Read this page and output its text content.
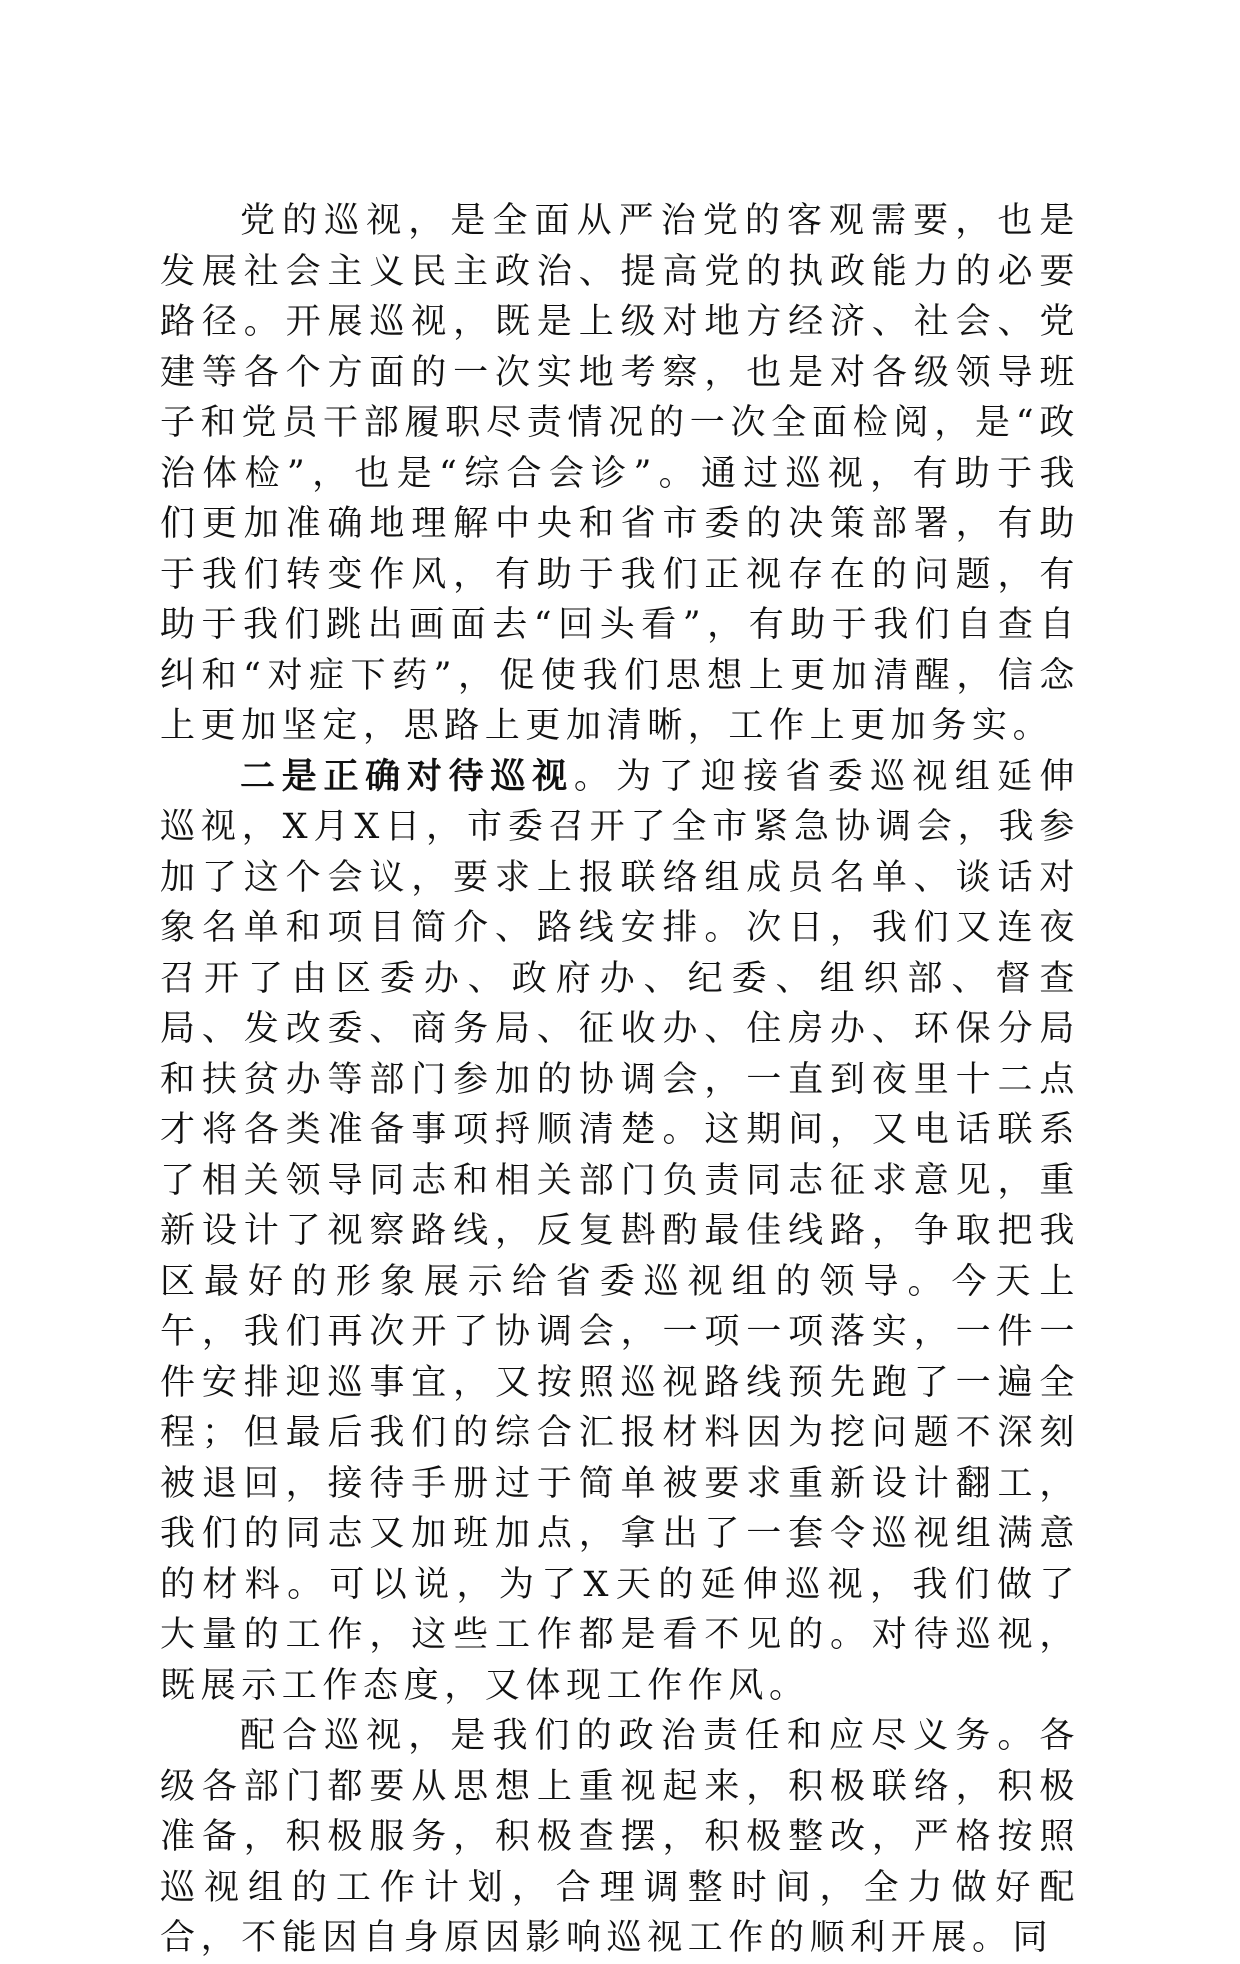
党的巡视，是全面从严治党的客观需要，也是发展社会主义民主政治、提高党的执政能力的必要路径。开展巡视，既是上级对地方经济、社会、党建等各个方面的一次实地考察，也是对各级领导班子和党员干部履职尽责情况的一次全面检阅，是“政治体检”，也是“综合会诊”。通过巡视，有助于我们更加准确地理解中央和省市委的决策部署，有助于我们转变作风，有助于我们正视存在的问题，有助于我们跳出画面去“回头看”，有助于我们自查自纠和“对症下药”，促使我们思想上更加清醒，信念上更加坚定，思路上更加清晰，工作上更加务实。

二是正确对待巡视。为了迎接省委巡视组延伸巡视，X月X日，市委召开了全市紧急协调会，我参加了这个会议，要求上报联络组成员名单、谈话对象名单和项目简介、路线安排。次日，我们又连夜召开了由区委办、政府办、纪委、组织部、督查局、发改委、商务局、征收办、住房办、环保分局和扶贫办等部门参加的协调会，一直到夜里十二点才将各类准备事项捋顺清楚。这期间，又电话联系了相关领导同志和相关部门负责同志征求意见，重新设计了视察路线，反复斟酌最佳线路，争取把我区最好的形象展示给省委巡视组的领导。今天上午，我们再次开了协调会，一项一项落实，一件一件安排迎巡事宜，又按照巡视路线预先跑了一遍全程；但最后我们的综合汇报材料因为挖问题不深刻被退回，接待手册过于简单被要求重新设计翻工，我们的同志又加班加点，拿出了一套令巡视组满意的材料。可以说，为了X天的延伸巡视，我们做了大量的工作，这些工作都是看不见的。对待巡视，既展示工作态度，又体现工作作风。

配合巡视，是我们的政治责任和应尽义务。各级各部门都要从思想上重视起来，积极联络，积极准备，积极服务，积极查摆，积极整改，严格按照巡视组的工作计划，合理调整时间，全力做好配合，不能因自身原因影响巡视工作的顺利开展。同
